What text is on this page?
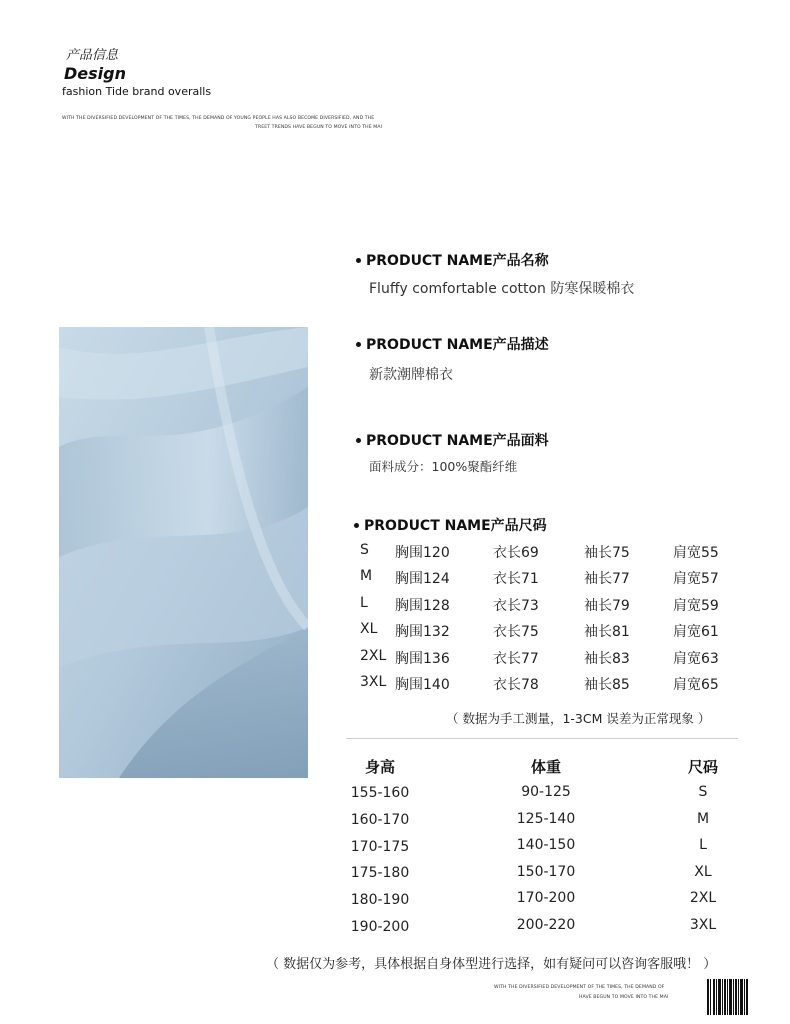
产品信息
Design
fashion Tide brand overalls
WITH THE DIVERSIFIED DEVELOPMENT OF THE TIMES, THE DEMAND OF YOUNG PEOPLE HAS ALSO BECOME DIVERSIFIED, AND THE
TREET TRENDS HAVE BEGUN TO MOVE INTO THE MAI
PRODUCT NAME产品名称
Fluffy comfortable cotton 防寒保暖棉衣
PRODUCT NAME产品描述
新款潮牌棉衣
PRODUCT NAME产品面料
面料成分：100%聚酯纤维
PRODUCT NAME产品尺码
S 胸围120	衣长69	袖长75	肩宽55
M 胸围124	衣长71	袖长77	肩宽57
L 胸围128	衣长73	袖长79	肩宽59
XL 胸围132	衣长75	袖长81	肩宽61
2XL 胸围136	衣长77	袖长83	肩宽63
3XL 胸围140	衣长78	袖长85	肩宽65
（ 数据为手工测量，1-3CM 误差为正常现象 ）
身高	体重	尺码
155-160	90-125	S
160-170	125-140	M
170-175	140-150	L
175-180	150-170	XL
180-190	170-200	2XL
190-200	200-220	3XL
（ 数据仅为参考，具体根据自身体型进行选择，如有疑问可以咨询客服哦！ ）
WITH THE DIVERSIFIED DEVELOPMENT OF THE TIMES, THE DEMAND OF
HAVE BEGUN TO MOVE INTO THE MAI
